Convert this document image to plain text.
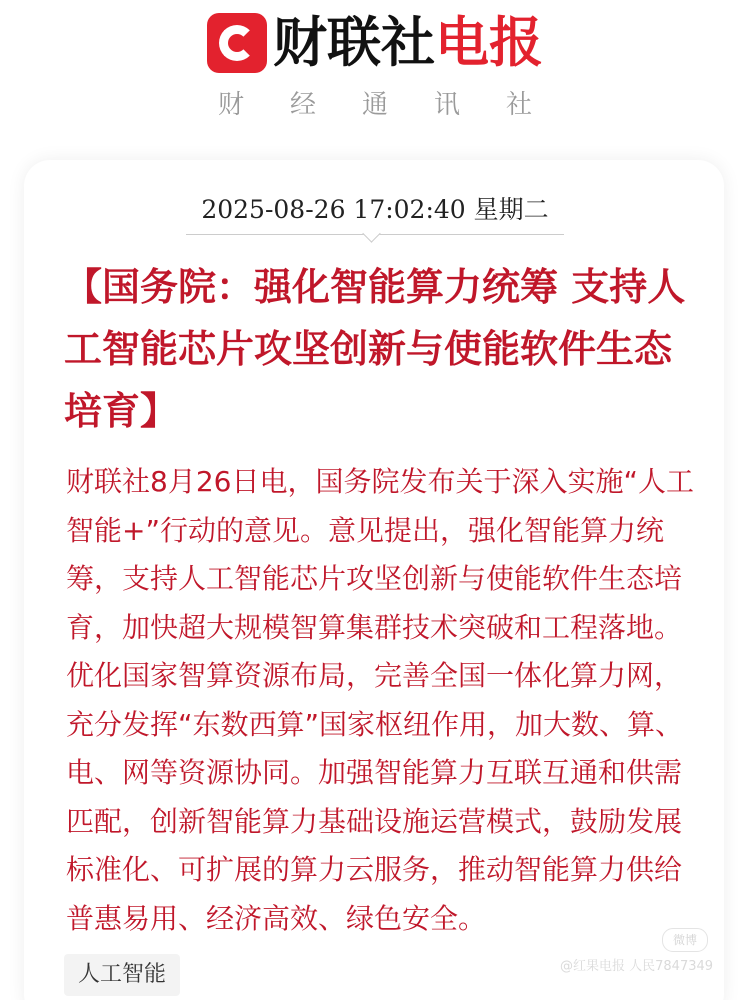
财联社 电报
财经通讯社
2025-08-26 17:02:40 星期二
【国务院：强化智能算力统筹 支持人工智能芯片攻坚创新与使能软件生态培育】

财联社8月26日电，国务院发布关于深入实施“人工智能+”行动的意见。意见提出，强化智能算力统筹，支持人工智能芯片攻坚创新与使能软件生态培育，加快超大规模智算集群技术突破和工程落地。优化国家智算资源布局，完善全国一体化算力网，充分发挥“东数西算”国家枢纽作用，加大数、算、电、网等资源协同。加强智能算力互联互通和供需匹配，创新智能算力基础设施运营模式，鼓励发展标准化、可扩展的算力云服务，推动智能算力供给普惠易用、经济高效、绿色安全。

人工智能
微博
@红果电报 人民7847349
